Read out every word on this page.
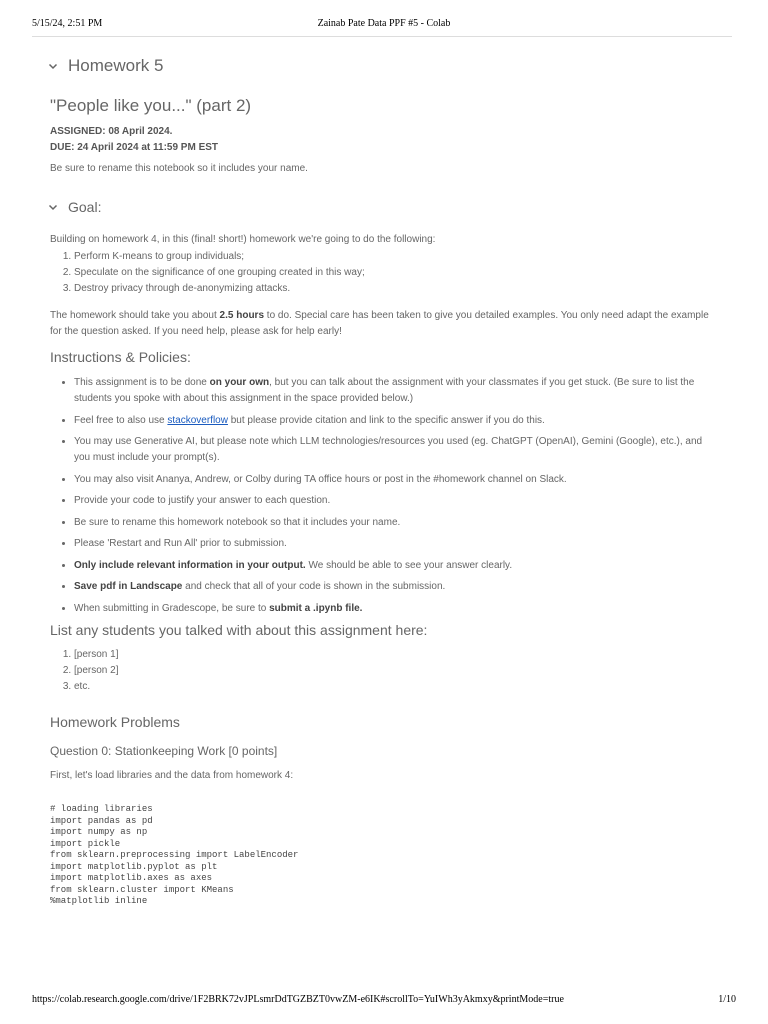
5/15/24, 2:51 PM	Zainab Pate Data PPF #5 - Colab
Homework 5
"People like you..." (part 2)
ASSIGNED: 08 April 2024.
DUE: 24 April 2024 at 11:59 PM EST
Be sure to rename this notebook so it includes your name.
Goal:
Building on homework 4, in this (final! short!) homework we're going to do the following:
1. Perform K-means to group individuals;
2. Speculate on the significance of one grouping created in this way;
3. Destroy privacy through de-anonymizing attacks.
The homework should take you about 2.5 hours to do. Special care has been taken to give you detailed examples. You only need adapt the example for the question asked. If you need help, please ask for help early!
Instructions & Policies:
• This assignment is to be done on your own, but you can talk about the assignment with your classmates if you get stuck. (Be sure to list the students you spoke with about this assignment in the space provided below.)
• Feel free to also use stackoverflow but please provide citation and link to the specific answer if you do this.
• You may use Generative AI, but please note which LLM technologies/resources you used (eg. ChatGPT (OpenAI), Gemini (Google), etc.), and you must include your prompt(s).
• You may also visit Ananya, Andrew, or Colby during TA office hours or post in the #homework channel on Slack.
• Provide your code to justify your answer to each question.
• Be sure to rename this homework notebook so that it includes your name.
• Please 'Restart and Run All' prior to submission.
• Only include relevant information in your output. We should be able to see your answer clearly.
• Save pdf in Landscape and check that all of your code is shown in the submission.
• When submitting in Gradescope, be sure to submit a .ipynb file.
List any students you talked with about this assignment here:
1. [person 1]
2. [person 2]
3. etc.
Homework Problems
Question 0: Stationkeeping Work [0 points]
First, let's load libraries and the data from homework 4:
# loading libraries
import pandas as pd
import numpy as np
import pickle
from sklearn.preprocessing import LabelEncoder
import matplotlib.pyplot as plt
import matplotlib.axes as axes
from sklearn.cluster import KMeans
%matplotlib inline
https://colab.research.google.com/drive/1F2BRK72vJPLsmrDdTGZBZT0vwZM-e6IK#scrollTo=YuIWh3yAkmxy&printMode=true	1/10
